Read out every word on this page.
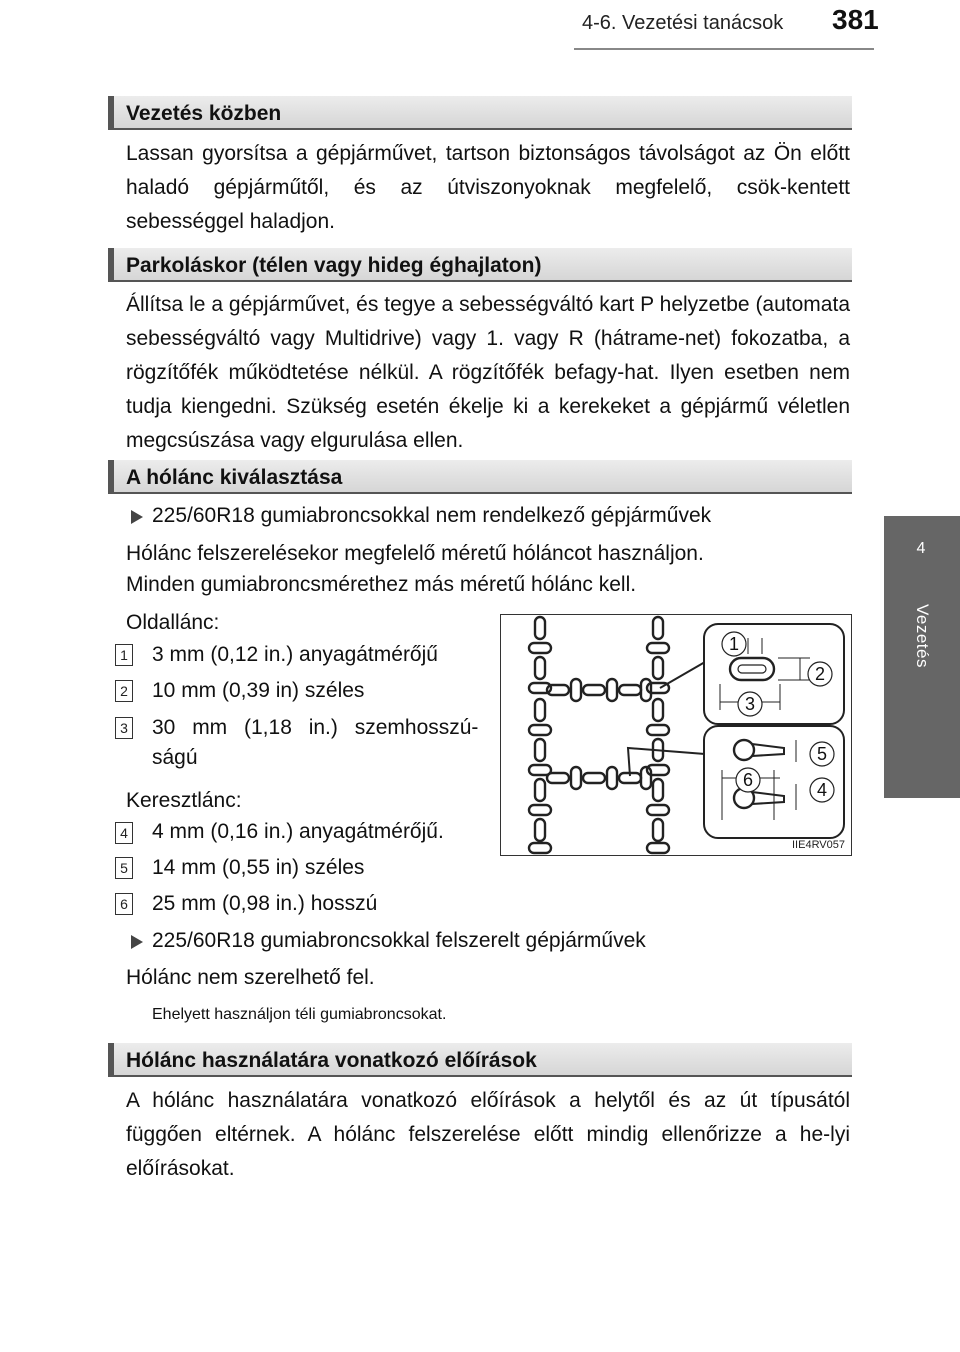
4-6. Vezetési tanácsok 381
4
Vezetés
Vezetés közben
Lassan gyorsítsa a gépjárművet, tartson biztonságos távolságot az Ön előtt haladó gépjárműtől, és az útviszonyoknak megfelelő, csök-kentett sebességgel haladjon.
Parkoláskor (télen vagy hideg éghajlaton)
Állítsa le a gépjárművet, és tegye a sebességváltó kart P helyzetbe (automata sebességváltó vagy Multidrive) vagy 1. vagy R (hátrame-net) fokozatba, a rögzítőfék működtetése nélkül. A rögzítőfék befagy-hat. Ilyen esetben nem tudja kiengedni. Szükség esetén ékelje ki a kerekeket a gépjármű véletlen megcsúszása vagy elgurulása ellen.
A hólánc kiválasztása
225/60R18 gumiabroncsokkal nem rendelkező gépjárművek
Hólánc felszerelésekor megfelelő méretű hóláncot használjon.
Minden gumiabroncsmérethez más méretű hólánc kell.
Oldallánc:
1 3 mm (0,12 in.) anyagátmérőjű
2 10 mm (0,39 in) széles
3 30 mm (1,18 in.) szemhosszú-
ságú
Keresztlánc:
4 4 mm (0,16 in.) anyagátmérőjű.
5 14 mm (0,55 in) széles
6 25 mm (0,98 in.) hosszú
225/60R18 gumiabroncsokkal felszerelt gépjárművek
Hólánc nem szerelhető fel.
Ehelyett használjon téli gumiabroncsokat.
Hólánc használatára vonatkozó előírások
A hólánc használatára vonatkozó előírások a helytől és az út típusától függően eltérnek. A hólánc felszerelése előtt mindig ellenőrizze a he-lyi előírásokat.
1
2
3
4
5
6
IIE4RV057
